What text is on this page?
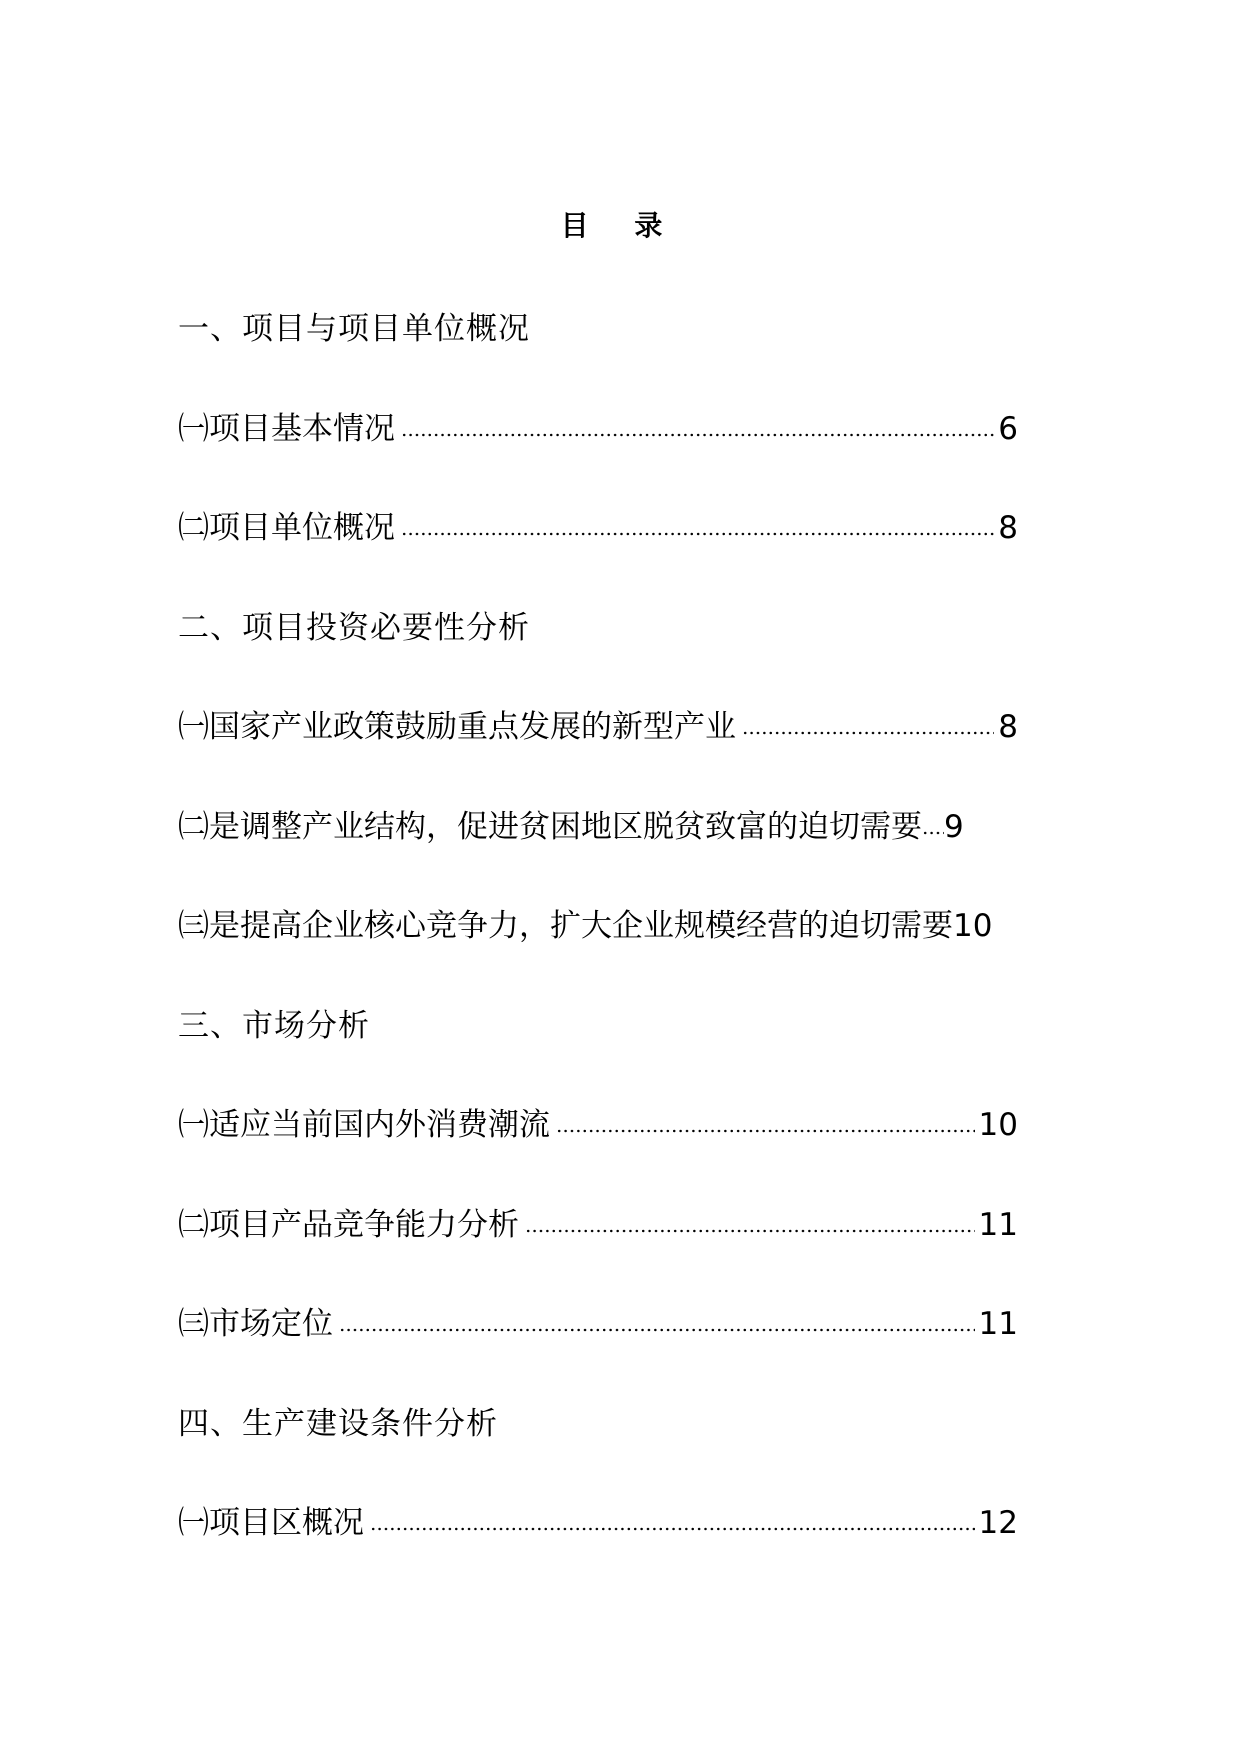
目 录
一、项目与项目单位概况
㈠项目基本情况	6
㈡项目单位概况	8
二、项目投资必要性分析
㈠国家产业政策鼓励重点发展的新型产业	8
㈡是调整产业结构，促进贫困地区脱贫致富的迫切需要 9
㈢是提高企业核心竞争力，扩大企业规模经营的迫切需要 10
三、市场分析
㈠适应当前国内外消费潮流	10
㈡项目产品竞争能力分析	11
㈢市场定位	11
四、生产建设条件分析
㈠项目区概况	12
